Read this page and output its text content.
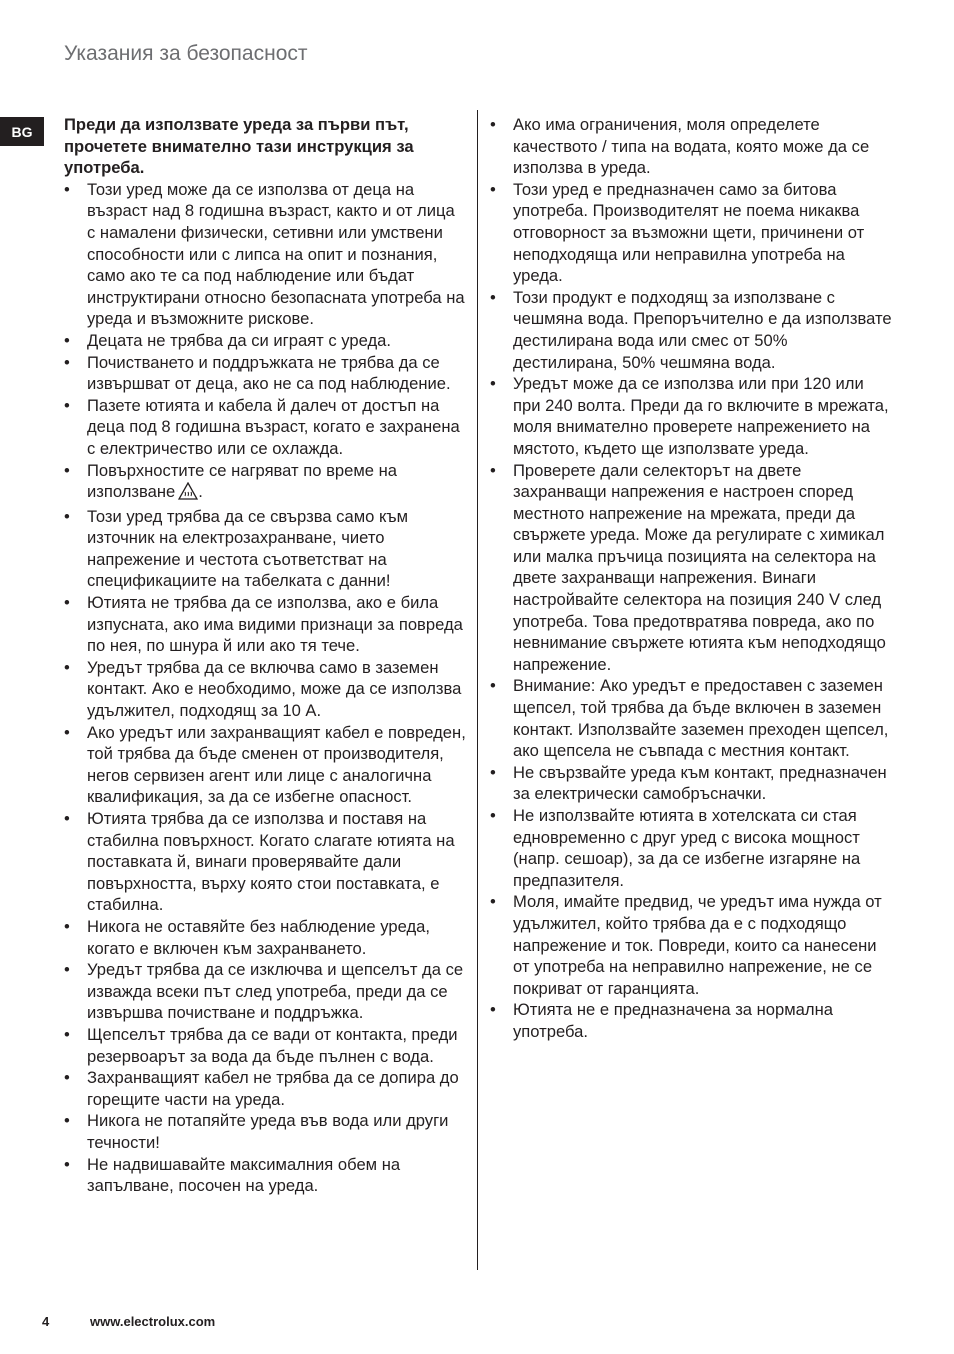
Указания за безопасност
BG	Преди да използвате уреда за първи път, прочетете внимателно тази инструкция за употреба.

• Този уред може да се използва от деца на възраст над 8 годишна възраст, както и от лица с намалени физически, сетивни или умствени способности или с липса на опит и познания, само ако те са под наблюдение или бъдат инструктирани относно безопасната употреба на уреда и възможните рискове.
• Децата не трябва да си играят с уреда.
• Почистването и поддръжката не трябва да се извършват от деца, ако не са под наблюдение.
• Пазете ютията и кабела й далеч от достъп на деца под 8 годишна възраст, когато е захранена с електричество или се охлажда.
• Повърхностите се нагряват по време на използване .
• Този уред трябва да се свързва само към източник на електрозахранване, чието напрежение и честота съответстват на спецификациите на табелката с данни!
• Ютията не трябва да се използва, ако е била изпусната, ако има видими признаци за повреда по нея, по шнура й или ако тя тече.
• Уредът трябва да се включва само в заземен контакт. Ако е необходимо, може да се използва удължител, подходящ за 10 A.
• Ако уредът или захранващият кабел е повреден, той трябва да бъде сменен от производителя, негов сервизен агент или лице с аналогична квалификация, за да се избегне опасност.
• Ютията трябва да се използва и поставя на стабилна повърхност. Когато слагате ютията на поставката й, винаги проверявайте дали повърхността, върху която стои поставката, е стабилна.
• Никога не оставяйте без наблюдение уреда, когато е включен към захранването.
• Уредът трябва да се изключва и щепселът да се изважда всеки път след употреба, преди да се извършва почистване и поддръжка.
• Щепселът трябва да се вади от контакта, преди резервоарът за вода да бъде пълнен с вода.
• Захранващият кабел не трябва да се допира до горещите части на уреда.
• Никога не потапяйте уреда във вода или други течности!
• Не надвишавайте максималния обем на запълване, посочен на уреда.
• Ако има ограничения, моля определете качеството / типа на водата, която може да се използва в уреда.
• Този уред е предназначен само за битова употреба. Производителят не поема никаква отговорност за възможни щети, причинени от неподходяща или неправилна употреба на уреда.
• Този продукт е подходящ за използване с чешмяна вода. Препоръчително е да използвате дестилирана вода или смес от 50% дестилирана, 50% чешмяна вода.
• Уредът може да се използва или при 120 или при 240 волта. Преди да го включите в мрежата, моля внимателно проверете напрежението на мястото, където ще използвате уреда.
• Проверете дали селекторът на двете захранващи напрежения е настроен според местното напрежение на мрежата, преди да свържете уреда. Може да регулирате с химикал или малка пръчица позицията на селектора на двете захранващи напрежения. Винаги настройвайте селектора на позиция 240 V след употреба. Това предотвратява повреда, ако по невнимание свържете ютията към неподходящо напрежение.
• Внимание: Ако уредът е предоставен с заземен щепсел, той трябва да бъде включен в заземен контакт. Използвайте заземен преходен щепсел, ако щепсела не съвпада с местния контакт.
• Не свързвайте уреда към контакт, предназначен за електрически самобръсначки.
• Не използвайте ютията в хотелската си стая едновременно с друг уред с висока мощност (напр. сешоар), за да се избегне изгаряне на предпазителя.
• Моля, имайте предвид, че уредът има нужда от удължител, който трябва да е с подходящо напрежение и ток. Повреди, които са нанесени от употреба на неправилно напрежение, не се покриват от гаранцията.
• Ютията не е предназначена за нормална употреба.
4	www.electrolux.com
